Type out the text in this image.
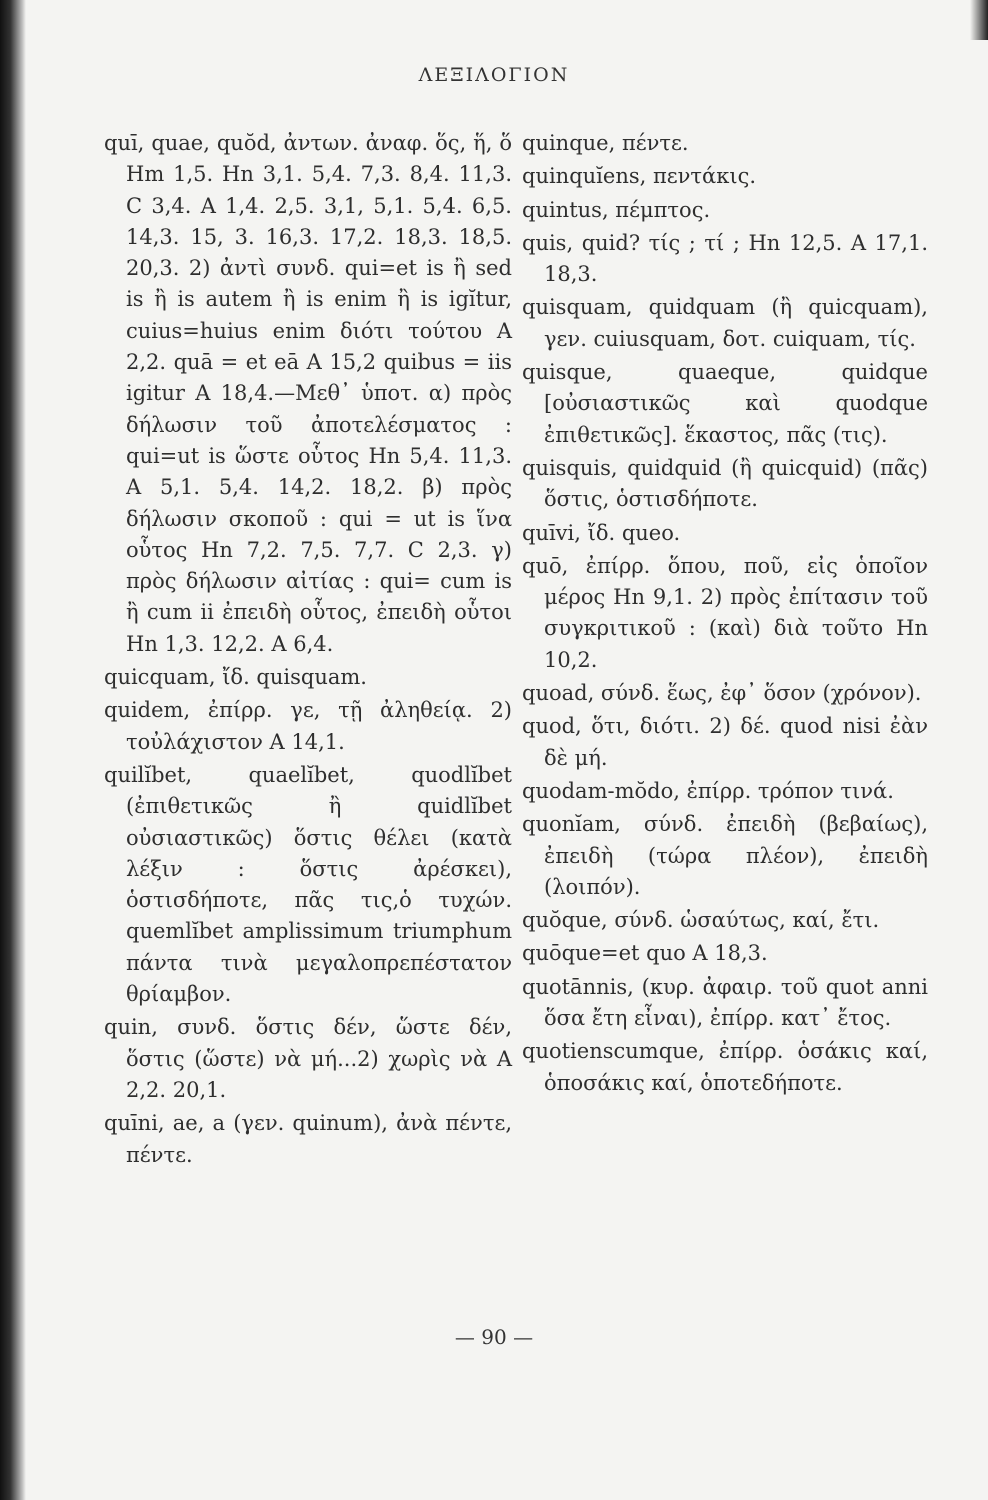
ΛΕΞΙΛΟΓΙΟΝ

quī, quae, quŏd, ἀντων. ἀναφ. ὅς, ἥ, ὅ Hm 1,5. Hn 3,1. 5,4. 7,3. 8,4. 11,3. C 3,4. A 1,4. 2,5. 3,1, 5,1. 5,4. 6,5. 14,3. 15, 3. 16,3. 17,2. 18,3. 18,5. 20,3. 2) ἀντὶ συνδ. qui=et is ἢ sed is ἢ is autem ἢ is enim ἢ is igĭtur, cuius=huius enim διότι τούτου A 2,2. quā = et eā A 15,2 quibus = iis igitur A 18,4.—Μεθ᾽ ὑποτ. α) πρὸς δήλωσιν τοῦ ἀποτελέσματος : qui=ut is ὥστε οὗτος Hn 5,4. 11,3. A 5,1. 5,4. 14,2. 18,2. β) πρὸς δήλωσιν σκοποῦ : qui = ut is ἵνα οὗτος Hn 7,2. 7,5. 7,7. C 2,3. γ) πρὸς δήλωσιν αἰτίας : qui= cum is ἢ cum ii ἐπειδὴ οὗτος, ἐπειδὴ οὗτοι Hn 1,3. 12,2. A 6,4.

quicquam, ἴδ. quisquam.

quidem, ἐπίρρ. γε, τῇ ἀληθείᾳ. 2) τοὐλάχιστον A 14,1.

quilĭbet, quaelĭbet, quodlĭbet (ἐπιθετικῶς ἢ quidlĭbet οὐσιαστικῶς) ὅστις θέλει (κατὰ λέξιν : ὅστις ἀρέσκει), ὁστισδήποτε, πᾶς τις,ὁ τυχών. quemlĭbet amplissimum triumphum πάντα τινὰ μεγαλοπρεπέστατον θρίαμβον.

quin, συνδ. ὅστις δέν, ὥστε δέν, ὅστις (ὥστε) νὰ μή...2) χωρὶς νὰ A 2,2. 20,1.

quīni, ae, a (γεν. quinum), ἀνὰ πέντε, πέντε.

quinque, πέντε.

quinquĭens, πεντάκις.

quintus, πέμπτος.

quis, quid? τίς ; τί ; Hn 12,5. A 17,1. 18,3.

quisquam, quidquam (ἢ quicquam), γεν. cuiusquam, δοτ. cuiquam, τίς.

quisque, quaeque, quidque [οὐσιαστικῶς καὶ quodque ἐπιθετικῶς]. ἕκαστος, πᾶς (τις).

quisquis, quidquid (ἢ quicquid) (πᾶς) ὅστις, ὁστισδήποτε.

quīvi, ἴδ. queo.

quō, ἐπίρρ. ὅπου, ποῦ, εἰς ὁποῖον μέρος Hn 9,1. 2) πρὸς ἐπίτασιν τοῦ συγκριτικοῦ : (καὶ) διὰ τοῦτο Hn 10,2.

quoad, σύνδ. ἕως, ἐφ᾽ ὅσον (χρόνον).

quod, ὅτι, διότι. 2) δέ. quod nisi ἐὰν δὲ μή.

quodam-mŏdo, ἐπίρρ. τρόπον τινά.

quonĭam, σύνδ. ἐπειδὴ (βεβαίως), ἐπειδὴ (τώρα πλέον), ἐπειδὴ (λοιπόν).

quŏque, σύνδ. ὡσαύτως, καί, ἔτι.

quōque=et quo A 18,3.

quotānnis, (κυρ. ἀφαιρ. τοῦ quot anni ὅσα ἔτη εἶναι), ἐπίρρ. κατ᾽ ἔτος.

quotienscumque, ἐπίρρ. ὁσάκις καί, ὁποσάκις καί, ὁποτεδήποτε.

— 90 —
